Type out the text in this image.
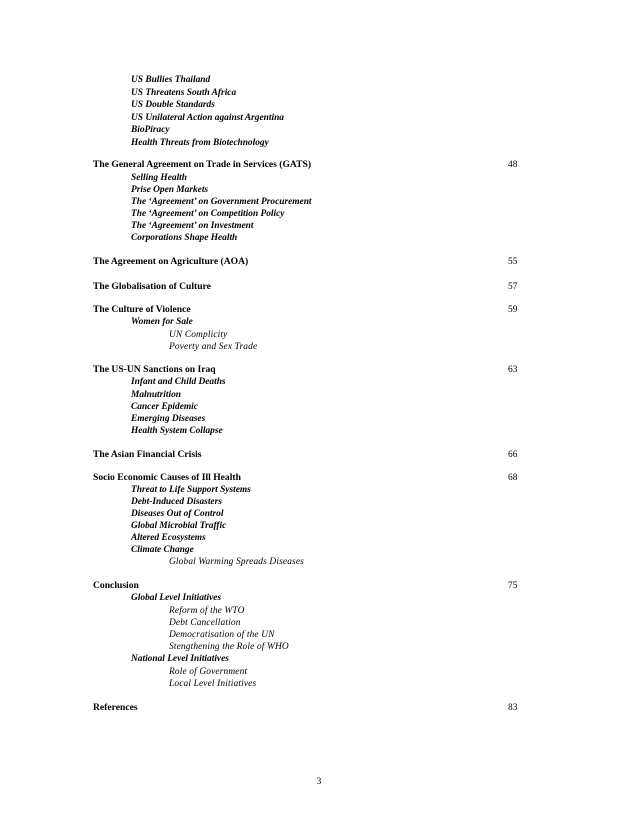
US Bullies Thailand
US Threatens South Africa
US Double Standards
US Unilateral Action against Argentina
BioPiracy
Health Threats from Biotechnology
The General Agreement on Trade in Services (GATS)	48
Selling Health
Prise Open Markets
The ‘Agreement’ on Government Procurement
The ‘Agreement’ on Competition Policy
The ‘Agreement’ on Investment
Corporations Shape Health
The Agreement on Agriculture (AOA)	55
The Globalisation of Culture	57
The Culture of Violence	59
Women for Sale
UN Complicity
Poverty and Sex Trade
The US-UN Sanctions on Iraq	63
Infant and Child Deaths
Malnutrition
Cancer Epidemic
Emerging Diseases
Health System Collapse
The Asian Financial Crisis	66
Socio Economic Causes of Ill Health	68
Threat to Life Support Systems
Debt-Induced Disasters
Diseases Out of Control
Global Microbial Traffic
Altered Ecosystems
Climate Change
Global Warming Spreads Diseases
Conclusion	75
Global Level Initiatives
Reform of the WTO
Debt Cancellation
Democratisation of the UN
Stengthening the Role of WHO
National Level Initiatives
Role of Government
Local Level Initiatives
References	83
3
